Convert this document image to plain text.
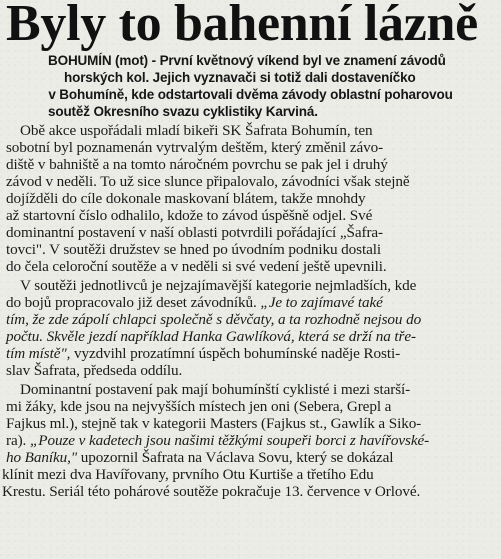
Byly to bahenní lázně
BOHUMÍN (mot) - První květnový víkend byl ve znamení závodů
horských kol. Jejich vyznavači si totiž dali dostaveníčko
v Bohumíně, kde odstartovali dvěma závody oblastní poharovou
soutěž Okresního svazu cyklistiky Karviná.
Obě akce uspořádali mladí bikeři SK Šafrata Bohumín, ten
sobotní byl poznamenán vytrvalým deštěm, který změnil závo-
diště v bahniště a na tomto náročném povrchu se pak jel i druhý
závod v neděli. To už sice slunce připalovalo, závodníci však stejně
dojížděli do cíle dokonale maskovaní blátem, takže mnohdy
až startovní číslo odhalilo, kdože to závod úspěšně odjel. Své
dominantní postavení v naší oblasti potvrdili pořádající „Šafra-
tovci". V soutěži družstev se hned po úvodním podniku dostali
do čela celoroční soutěže a v neděli si své vedení ještě upevnili.
V soutěži jednotlivců je nejzajímavější kategorie nejmladších, kde
do bojů propracovalo již deset závodníků. „Je to zajímavé také
tím, že zde zápolí chlapci společně s děvčaty, a ta rozhodně nejsou do
počtu. Skvěle jezdí například Hanka Gawlíková, která se drží na tře-
tím místě", vyzdvihl prozatímní úspěch bohumínské naděje Rosti-
slav Šafrata, předseda oddílu.
Dominantní postavení pak mají bohumínští cyklisté i mezi starší-
mi žáky, kde jsou na nejvyšších místech jen oni (Sebera, Grepl a
Fajkus ml.), stejně tak v kategorii Masters (Fajkus st., Gawlík a Siko-
ra). „Pouze v kadetech jsou našimi těžkými soupeři borci z havířovské-
ho Baníku," upozornil Šafrata na Václava Sovu, který se dokázal
klínit mezi dva Havířovany, prvního Otu Kurtiše a třetího Edu
Krestu. Seriál této pohárové soutěže pokračuje 13. července v Orlové.
